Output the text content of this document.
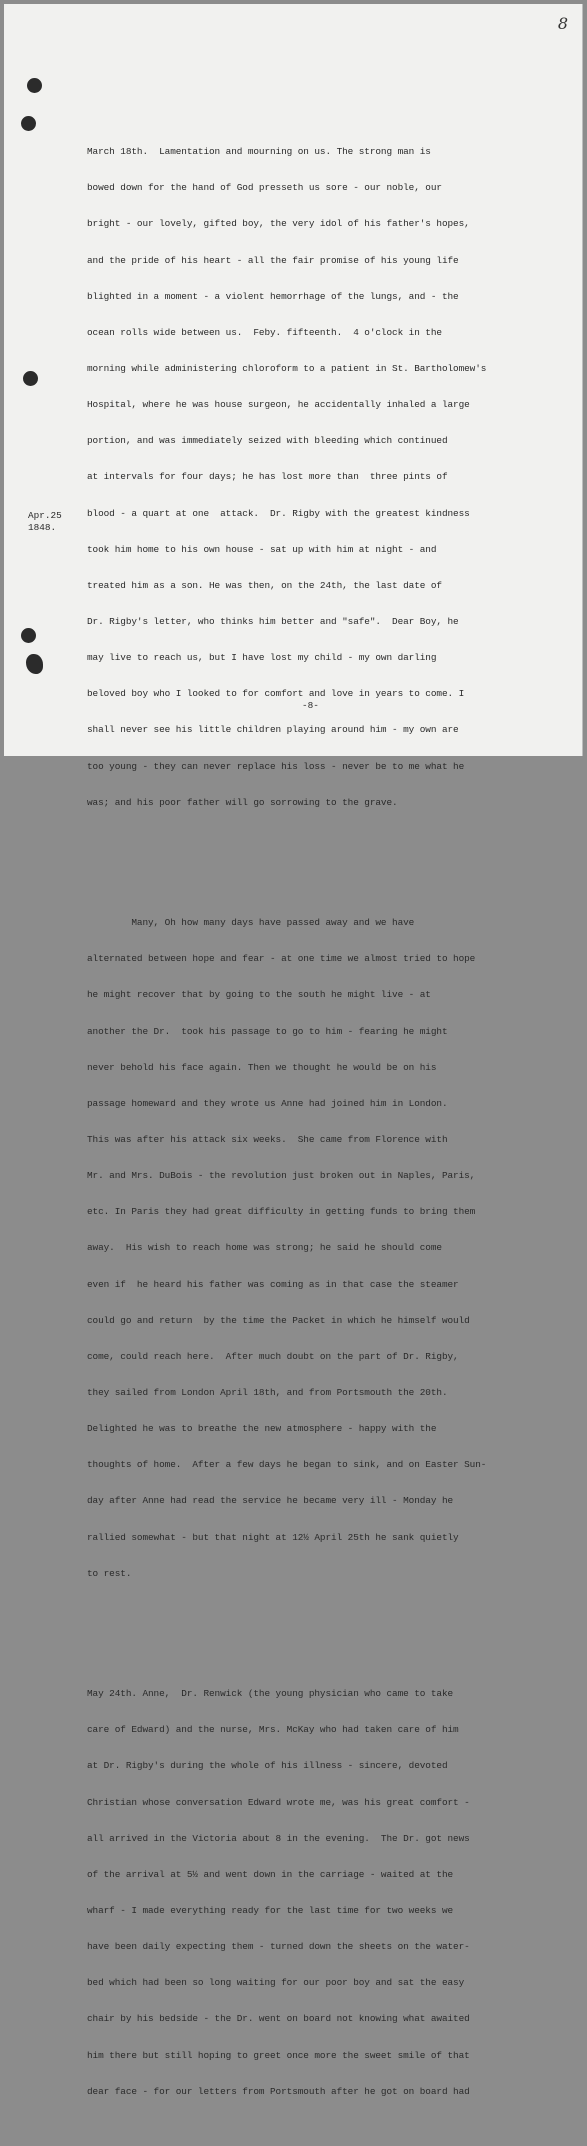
8

March 18th.  Lamentation and mourning on us. The strong man is

bowed down for the hand of God presseth us sore - our noble, our

bright - our lovely, gifted boy, the very idol of his father's hopes,

and the pride of his heart - all the fair promise of his young life

blighted in a moment - a violent hemorrhage of the lungs, and - the

ocean rolls wide between us.  Feby. fifteenth.  4 o'clock in the

morning while administering chloroform to a patient in St. Bartholomew's

Hospital, where he was house surgeon, he accidentally inhaled a large

portion, and was immediately seized with bleeding which continued

at intervals for four days; he has lost more than  three pints of

blood - a quart at one  attack.  Dr. Rigby with the greatest kindness

took him home to his own house - sat up with him at night - and

treated him as a son. He was then, on the 24th, the last date of

Dr. Rigby's letter, who thinks him better and "safe".  Dear Boy, he

may live to reach us, but I have lost my child - my own darling

beloved boy who I looked to for comfort and love in years to come. I

shall never see his little children playing around him - my own are

too young - they can never replace his loss - never be to me what he

was; and his poor father will go sorrowing to the grave.

Many, Oh how many days have passed away and we have

alternated between hope and fear - at one time we almost tried to hope

he might recover that by going to the south he might live - at

another the Dr.  took his passage to go to him - fearing he might

never behold his face again. Then we thought he would be on his

passage homeward and they wrote us Anne had joined him in London.

This was after his attack six weeks.  She came from Florence with

Mr. and Mrs. DuBois - the revolution just broken out in Naples, Paris,

etc. In Paris they had great difficulty in getting funds to bring them

away.  His wish to reach home was strong; he said he should come

even if  he heard his father was coming as in that case the steamer

could go and return  by the time the Packet in which he himself would

come, could reach here.  After much doubt on the part of Dr. Rigby,

they sailed from London April 18th, and from Portsmouth the 20th.

Delighted he was to breathe the new atmosphere - happy with the

thoughts of home.  After a few days he began to sink, and on Easter Sun-

day after Anne had read the service he became very ill - Monday he

rallied somewhat - but that night at 12½ April 25th he sank quietly

to rest.

May 24th. Anne,  Dr. Renwick (the young physician who came to take

care of Edward) and the nurse, Mrs. McKay who had taken care of him

at Dr. Rigby's during the whole of his illness - sincere, devoted

Christian whose conversation Edward wrote me, was his great comfort -

all arrived in the Victoria about 8 in the evening.  The Dr. got news

of the arrival at 5½ and went down in the carriage - waited at the

wharf - I made everything ready for the last time for two weeks we

have been daily expecting them - turned down the sheets on the water-

bed which had been so long waiting for our poor boy and sat the easy

chair by his bedside - the Dr. went on board not knowing what awaited

him there but still hoping to greet once more the sweet smile of that

dear face - for our letters from Portsmouth after he got on board had

Apr.25
1848.
-8-
